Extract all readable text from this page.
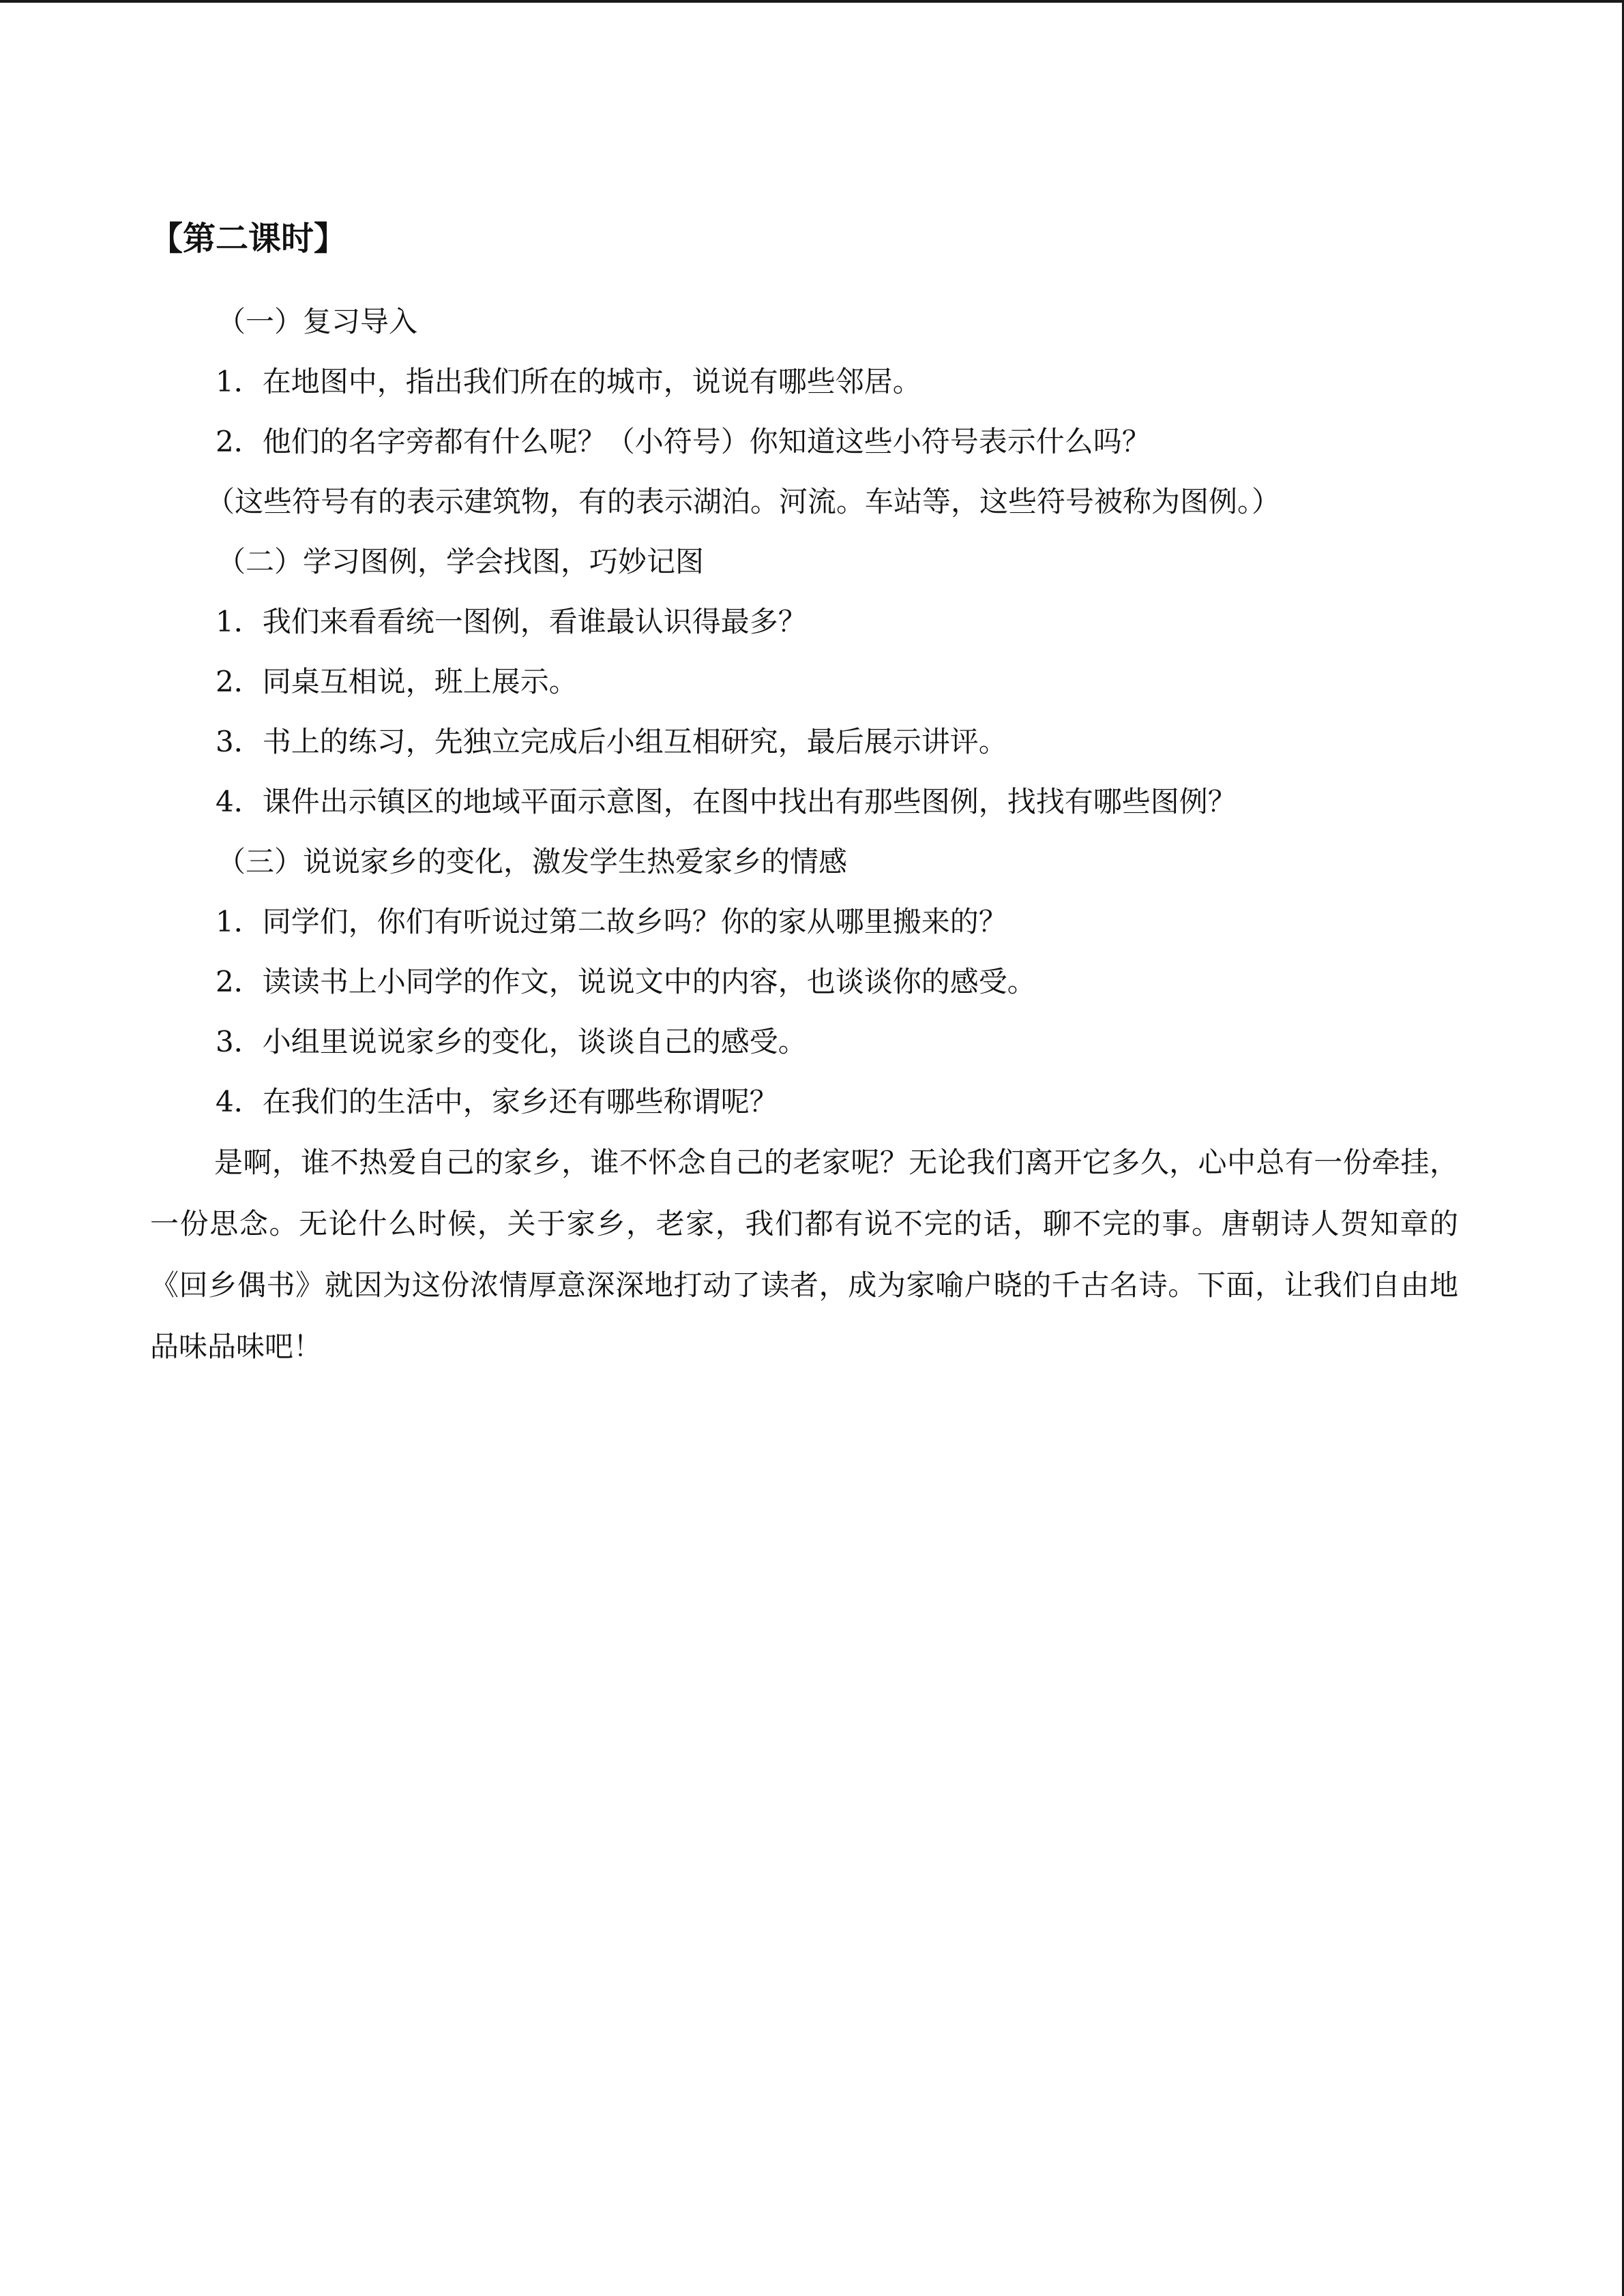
【第二课时】
（一）复习导入
1．在地图中，指出我们所在的城市，说说有哪些邻居。
2．他们的名字旁都有什么呢？（小符号）你知道这些小符号表示什么吗？
（这些符号有的表示建筑物，有的表示湖泊。河流。车站等，这些符号被称为图例。）
（二）学习图例，学会找图，巧妙记图
1．我们来看看统一图例，看谁最认识得最多？
2．同桌互相说，班上展示。
3．书上的练习，先独立完成后小组互相研究，最后展示讲评。
4．课件出示镇区的地域平面示意图，在图中找出有那些图例，找找有哪些图例？
（三）说说家乡的变化，激发学生热爱家乡的情感
1．同学们，你们有听说过第二故乡吗？你的家从哪里搬来的？
2．读读书上小同学的作文，说说文中的内容，也谈谈你的感受。
3．小组里说说家乡的变化，谈谈自己的感受。
4．在我们的生活中，家乡还有哪些称谓呢？

是啊，谁不热爱自己的家乡，谁不怀念自己的老家呢？无论我们离开它多久，心中总有一份牵挂，一份思念。无论什么时候，关于家乡，老家，我们都有说不完的话，聊不完的事。唐朝诗人贺知章的《回乡偶书》就因为这份浓情厚意深深地打动了读者，成为家喻户晓的千古名诗。下面，让我们自由地品味品味吧！
